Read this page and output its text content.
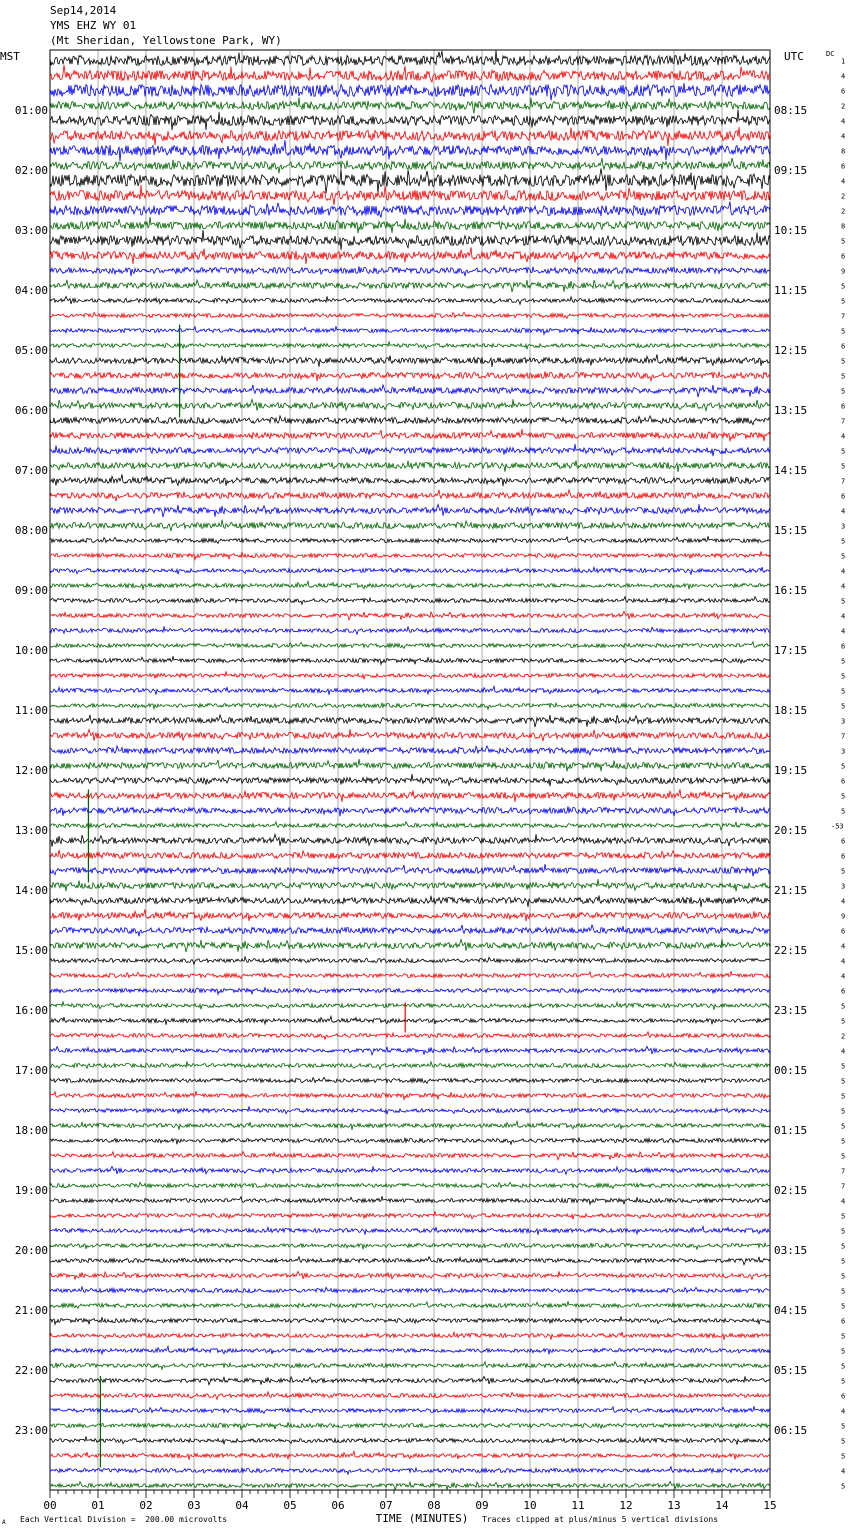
01:00
02:00
03:00
04:00
05:00
06:00
07:00
08:00
09:00
10:00
11:00
12:00
13:00
14:00
15:00
16:00
17:00
18:00
19:00
20:00
21:00
22:00
23:00
08:15
09:15
10:15
11:15
12:15
13:15
14:15
15:15
16:15
17:15
18:15
19:15
20:15
21:15
22:15
23:15
00:15
01:15
02:15
03:15
04:15
05:15
06:15
MST	UTC	DC
1
4
6
2
4
4
8
6
4
2
2
8
5
6
9
5
5
7
5
6
5
5
5
6
7
4
5
5
7
6
4
3
5
5
4
4
5
4
4
6
5
5
5
5
3
7
3
5
6
5
5
-53
6
6
5
3
4
9
6
4
4
4
6
5
5
2
4
5
5
5
5
5
5
5
7
7
4
5
5
5
5
5
5
5
6
5
5
5
5
6
4
5
5
5
4
5
00	01	02	03	04	05	06	07	08	09	10	11	12	13	14	15
TIME (MINUTES)
Sep14,2014
YMS EHZ WY 01
(Mt Sheridan, Yellowstone Park, WY)
Each Vertical Division =  200.00 microvolts	Traces clipped at plus/minus 5 vertical divisions
A
